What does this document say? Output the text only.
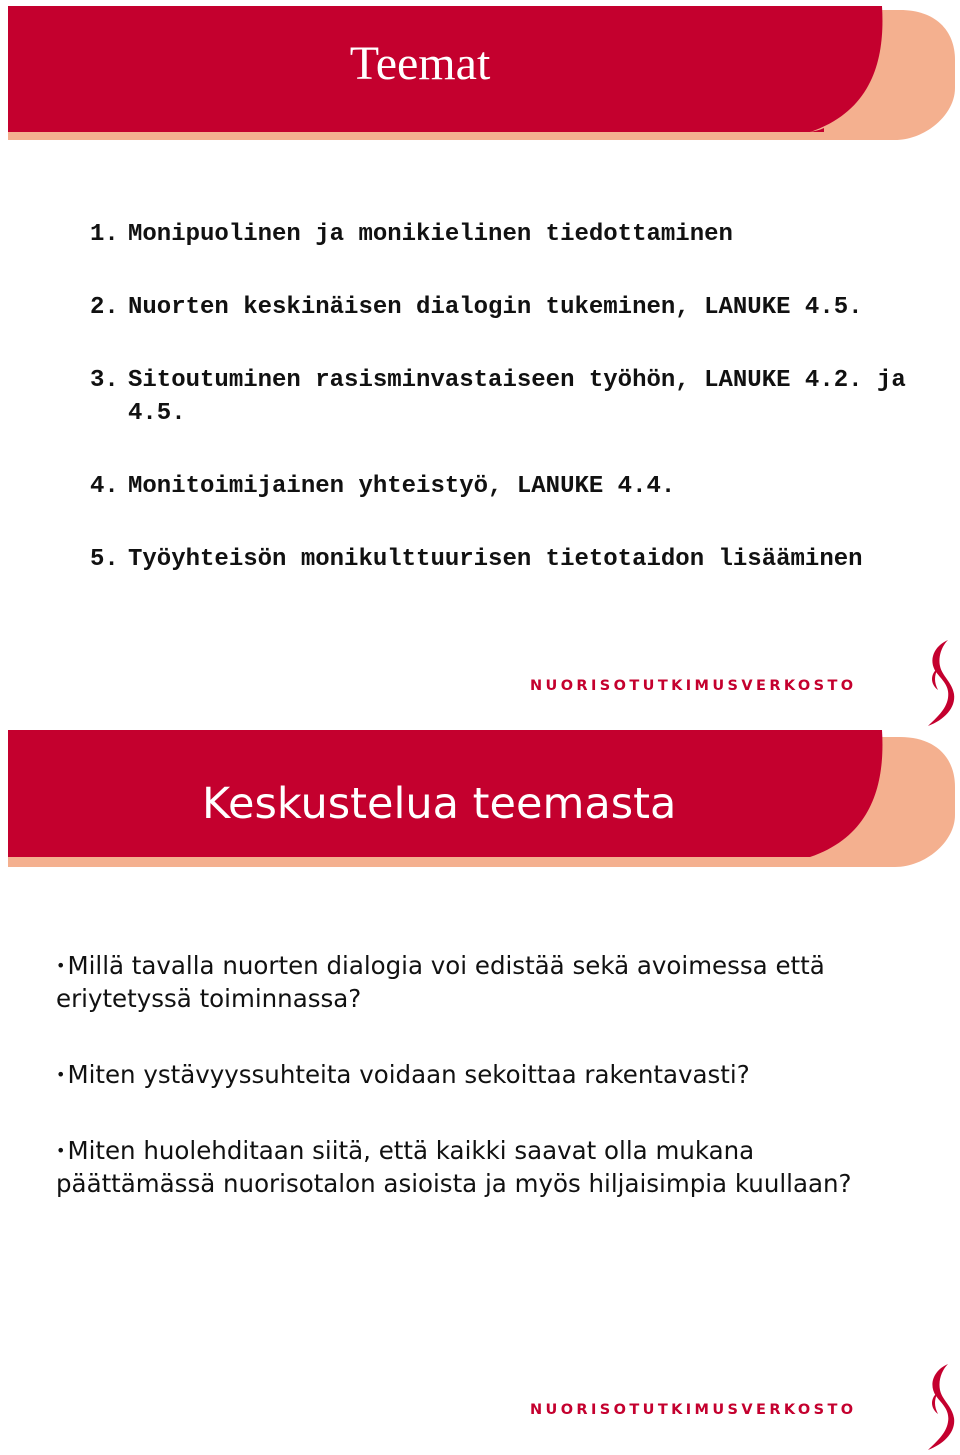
Teemat
1. Monipuolinen ja monikielinen tiedottaminen
2. Nuorten keskinäisen dialogin tukeminen, LANUKE 4.5.
3. Sitoutuminen rasisminvastaiseen työhön, LANUKE 4.2. ja 4.5.
4. Monitoimijainen yhteistyö, LANUKE 4.4.
5. Työyhteisön monikulttuurisen tietotaidon lisääminen
NUORISOTUTKIMUSVERKOSTO
Keskustelua teemasta
•Millä tavalla nuorten dialogia voi edistää sekä avoimessa että eriytetyssä toiminnassa?
•Miten ystävyyssuhteita voidaan sekoittaa rakentavasti?
•Miten huolehditaan siitä, että kaikki saavat olla mukana päättämässä nuorisotalon asioista ja myös hiljaisimpia kuullaan?
NUORISOTUTKIMUSVERKOSTO
